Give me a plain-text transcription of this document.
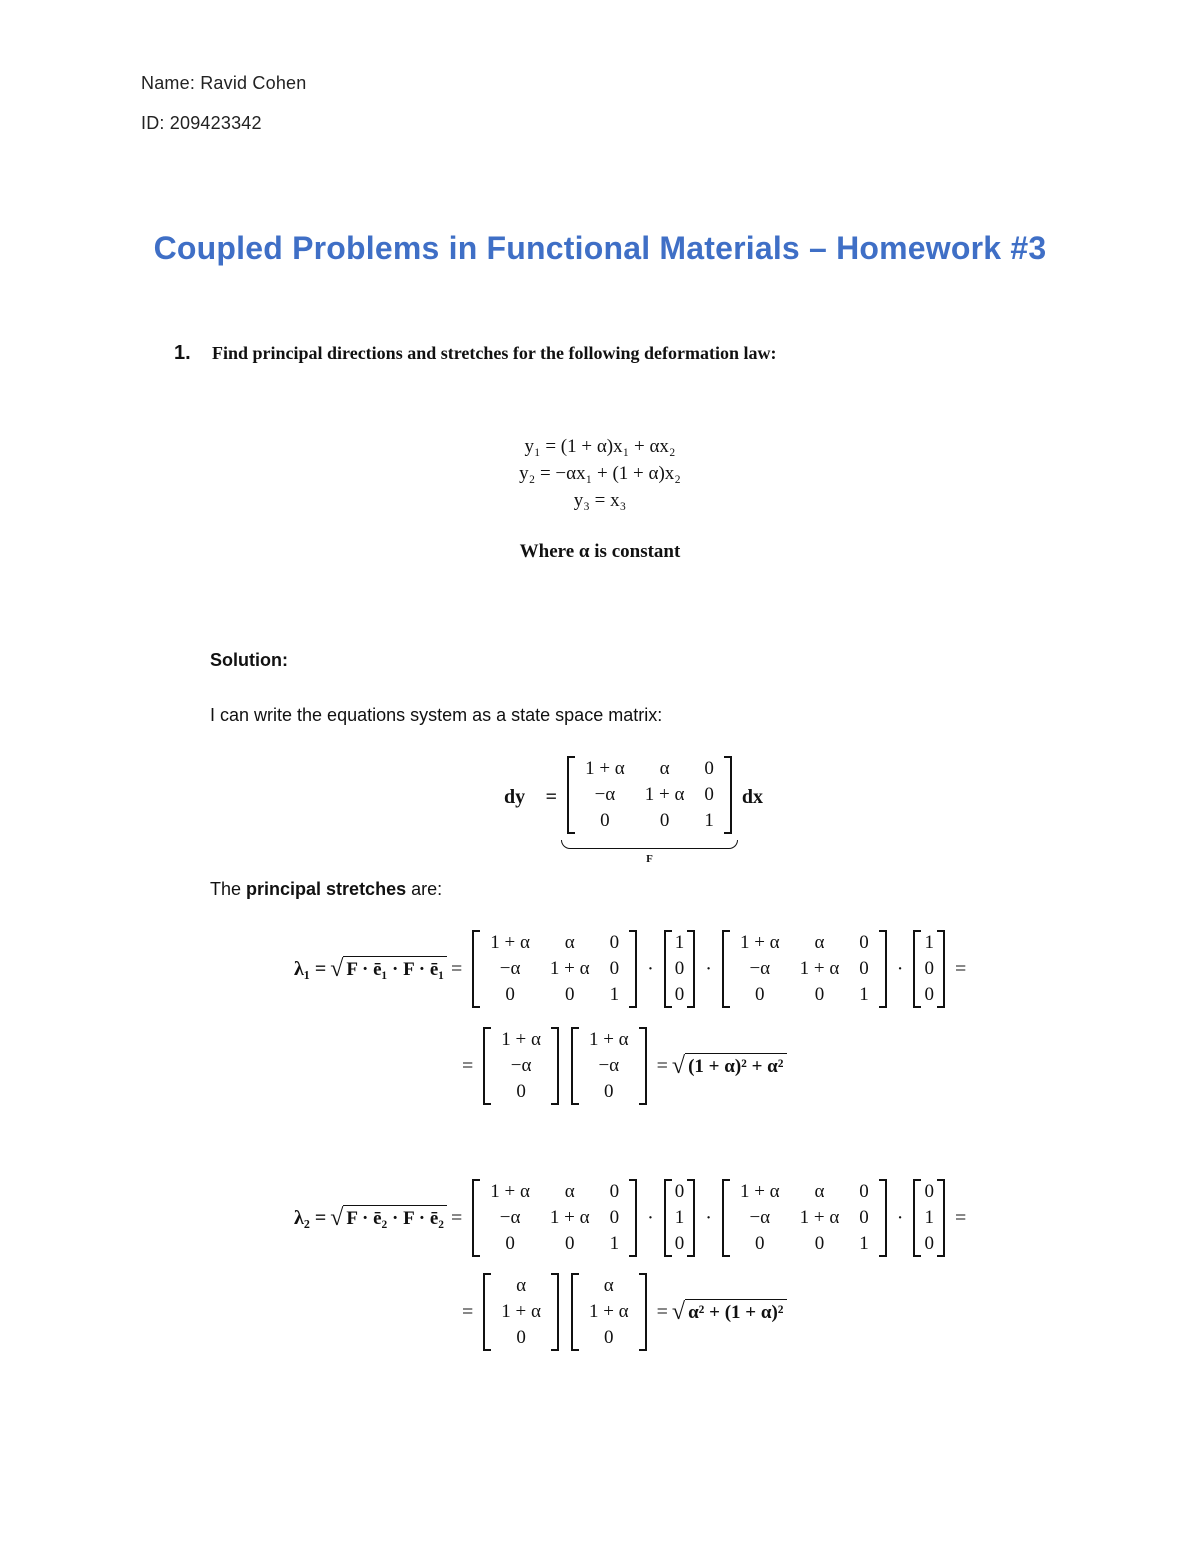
Name: Ravid Cohen
ID: 209423342
Coupled Problems in Functional Materials – Homework #3
1. Find principal directions and stretches for the following deformation law:
y₁ = (1 + α)x₁ + αx₂
y₂ = −αx₁ + (1 + α)x₂
y₃ = x₃
Where α is constant
Solution:
I can write the equations system as a state space matrix:
dy⃗ =
1 + α	α	0
−α	1 + α	0
0	0	1
F
dx⃗
The principal stretches are:
λ₁ = √ F · ē₁ · F · ē₁ =
1 + α	α	0
−α	1 + α	0
0	0	1
·
1
0
0
·
1 + α	α	0
−α	1 + α	0
0	0	1
·
1
0
0
=
=
1 + α
−α
0
1 + α
−α
0
= √ (1 + α)² + α²
λ₂ = √ F · ē₂ · F · ē₂ =
1 + α	α	0
−α	1 + α	0
0	0	1
·
0
1
0
·
1 + α	α	0
−α	1 + α	0
0	0	1
·
0
1
0
=
=
α
1 + α
0
α
1 + α
0
= √ α² + (1 + α)²
